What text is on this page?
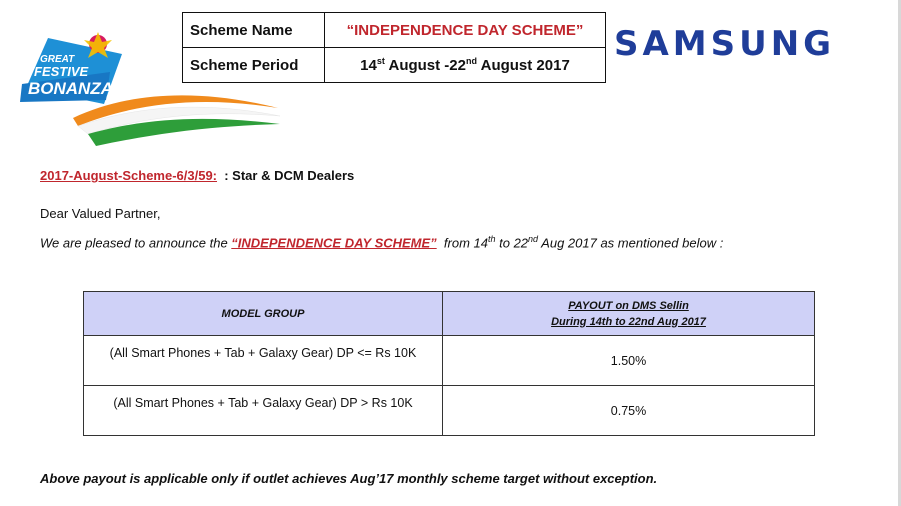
GREAT
FESTIVE
BONANZA
SAMSUNG
Scheme Name	“INDEPENDENCE DAY SCHEME”
Scheme Period	14st August -22nd August 2017
2017-August-Scheme-6/3/59:  : Star & DCM Dealers
Dear Valued Partner,
We are pleased to announce the “INDEPENDENCE DAY SCHEME”  from 14th to 22nd Aug 2017 as mentioned below :
MODEL GROUP	PAYOUT on DMS Sellin
During 14th to 22nd Aug 2017

(All Smart Phones + Tab + Galaxy Gear) DP <= Rs 10K	1.50%
(All Smart Phones + Tab + Galaxy Gear) DP > Rs 10K	0.75%
Above payout is applicable only if outlet achieves Aug’17 monthly scheme target without exception.
